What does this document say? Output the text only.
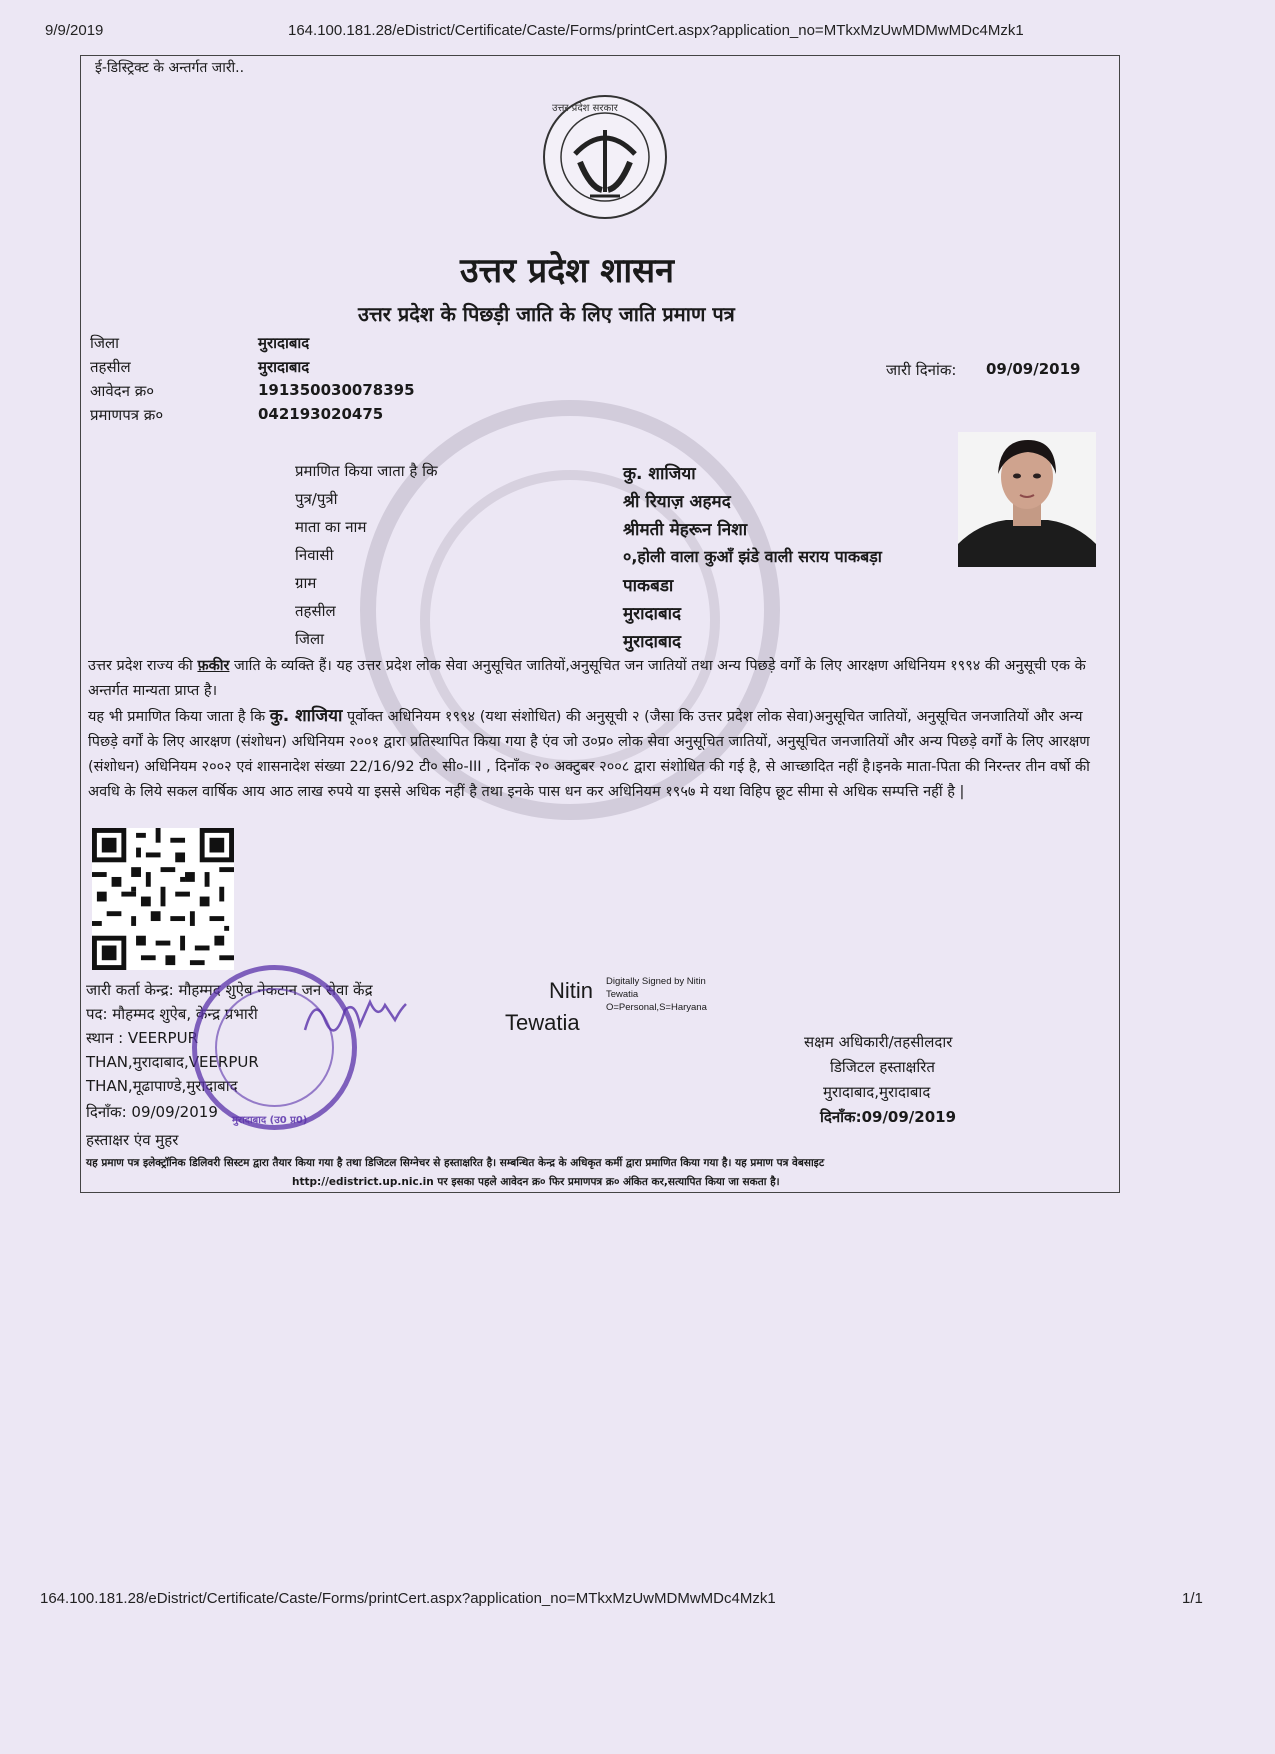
9/9/2019	164.100.181.28/eDistrict/Certificate/Caste/Forms/printCert.aspx?application_no=MTkxMzUwMDMwMDc4Mzk1
164.100.181.28/eDistrict/Certificate/Caste/Forms/printCert.aspx?application_no=MTkxMzUwMDMwMDc4Mzk1	1/1
ई-डिस्ट्रिक्ट के अन्तर्गत जारी..
उत्तर प्रदेश सरकार
उत्तर प्रदेश शासन
उत्तर प्रदेश के पिछड़ी जाति के लिए जाति प्रमाण पत्र
जिला	मुरादाबाद
तहसील	मुरादाबाद
आवेदन क्र०	191350030078395
प्रमाणपत्र क्र०	042193020475
जारी दिनांक: 09/09/2019
प्रमाणित किया जाता है कि	कु. शाजिया
पुत्र/पुत्री	श्री रियाज़ अहमद
माता का नाम	श्रीमती मेहरून निशा
निवासी	०,होली वाला कुआँ झंडे वाली सराय पाकबड़ा
ग्राम	पाकबडा
तहसील	मुरादाबाद
जिला	मुरादाबाद
उत्तर प्रदेश राज्य की फ़कीर जाति के व्यक्ति हैं। यह उत्तर प्रदेश लोक सेवा अनुसूचित जातियों,अनुसूचित जन जातियों तथा अन्य पिछड़े वर्गों के लिए आरक्षण अधिनियम १९९४ की अनुसूची एक के अन्तर्गत मान्यता प्राप्त है।
यह भी प्रमाणित किया जाता है कि कु. शाजिया पूर्वोक्त अधिनियम १९९४ (यथा संशोधित) की अनुसूची २ (जैसा कि उत्तर प्रदेश लोक सेवा)अनुसूचित जातियों, अनुसूचित जनजातियों और अन्य पिछड़े वर्गों के लिए आरक्षण (संशोधन) अधिनियम २००१ द्वारा प्रतिस्थापित किया गया है एंव जो उ०प्र० लोक सेवा अनुसूचित जातियों, अनुसूचित जनजातियों और अन्य पिछड़े वर्गों के लिए आरक्षण (संशोधन) अधिनियम २००२ एवं शासनादेश संख्या 22/16/92 टी० सी०-III , दिनाँक २० अक्टुबर २००८ द्वारा संशोधित की गई है, से आच्छादित नहीं है।इनके माता-पिता की निरन्तर तीन वर्षो की अवधि के लिये सकल वार्षिक आय आठ लाख रुपये या इससे अधिक नहीं है तथा इनके पास धन कर अधिनियम १९५७ मे यथा विहिप छूट सीमा से अधिक सम्पत्ति नहीं है |
जारी कर्ता केन्द्र: मौहम्मद शुऐब नेकटान जन सेवा केंद्र
पद: मौहम्मद शुऐब, केन्द्र प्रभारी
स्थान : VEERPUR
THAN,मुरादाबाद,VEERPUR
THAN,मूढापाण्डे,मुरादाबाद
दिनाँक: 09/09/2019
हस्ताक्षर एंव मुहर
मुरादाबाद (उ0 प्र0)
Nitin
Tewatia
Digitally Signed by Nitin
Tewatia
O=Personal,S=Haryana
सक्षम अधिकारी/तहसीलदार
डिजिटल हस्ताक्षरित
मुरादाबाद,मुरादाबाद
दिनाँक:09/09/2019
यह प्रमाण पत्र इलेक्ट्रॉनिक डिलिवरी सिस्टम द्वारा तैयार किया गया है तथा डिजिटल सिग्नेचर से हस्ताक्षरित है। सम्बन्धित केन्द्र के अधिकृत कर्मी द्वारा प्रमाणित किया गया है। यह प्रमाण पत्र वेबसाइट
http://edistrict.up.nic.in पर इसका पहले आवेदन क्र० फिर प्रमाणपत्र क्र० अंकित कर,सत्यापित किया जा सकता है।
